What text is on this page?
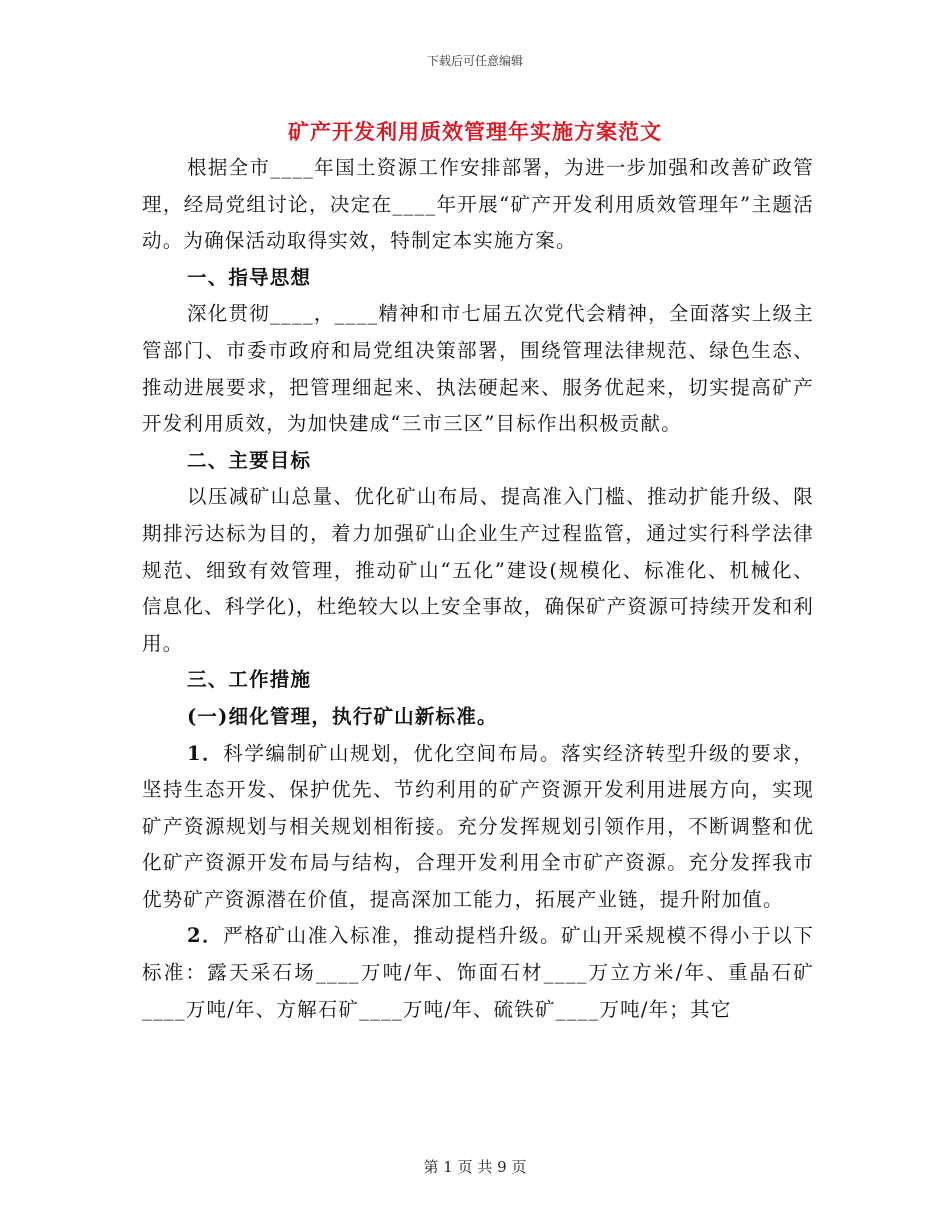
下载后可任意编辑
矿产开发利用质效管理年实施方案范文

根据全市____年国土资源工作安排部署，为进一步加强和改善矿政管理，经局党组讨论，决定在____年开展“矿产开发利用质效管理年”主题活动。为确保活动取得实效，特制定本实施方案。

一、指导思想

深化贯彻____，____精神和市七届五次党代会精神，全面落实上级主管部门、市委市政府和局党组决策部署，围绕管理法律规范、绿色生态、推动进展要求，把管理细起来、执法硬起来、服务优起来，切实提高矿产开发利用质效，为加快建成“三市三区”目标作出积极贡献。

二、主要目标

以压减矿山总量、优化矿山布局、提高准入门槛、推动扩能升级、限期排污达标为目的，着力加强矿山企业生产过程监管，通过实行科学法律规范、细致有效管理，推动矿山“五化”建设(规模化、标准化、机械化、信息化、科学化)，杜绝较大以上安全事故，确保矿产资源可持续开发和利用。

三、工作措施

(一)细化管理，执行矿山新标准。

1．科学编制矿山规划，优化空间布局。落实经济转型升级的要求，坚持生态开发、保护优先、节约利用的矿产资源开发利用进展方向，实现矿产资源规划与相关规划相衔接。充分发挥规划引领作用，不断调整和优化矿产资源开发布局与结构，合理开发利用全市矿产资源。充分发挥我市优势矿产资源潜在价值，提高深加工能力，拓展产业链，提升附加值。

2．严格矿山准入标准，推动提档升级。矿山开采规模不得小于以下标准：露天采石场____万吨/年、饰面石材____万立方米/年、重晶石矿____万吨/年、方解石矿____万吨/年、硫铁矿____万吨/年；其它

第 1 页 共 9 页
